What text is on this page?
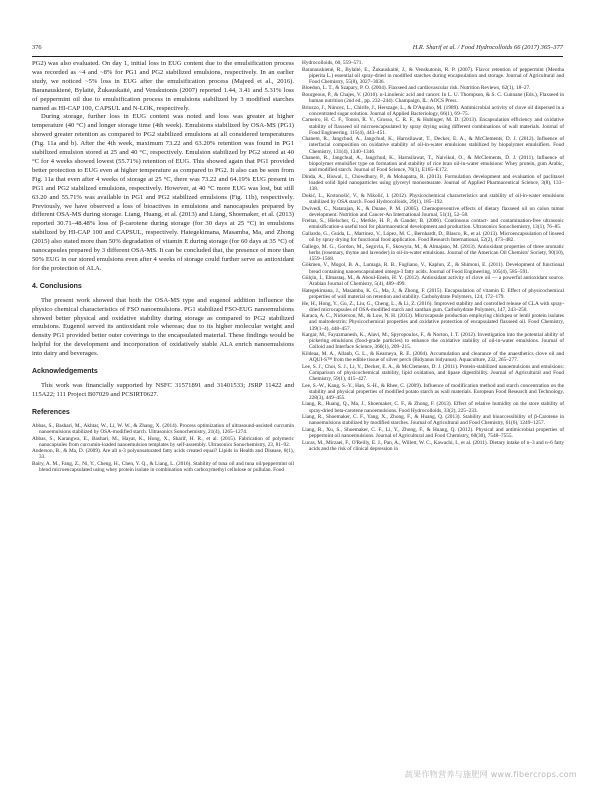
376	H.R. Sharif et al. / Food Hydrocolloids 66 (2017) 365–377

PG2) was also evaluated. On day 1, initial loss in EUG content due to the emulsification process was recorded as ~4 and ~8% for PG1 and PG2 stabilized emulsions, respectively. In an earlier study, we noticed ~5% loss in EUG after the emulsification process (Majeed et al., 2016). Baranauskienė, Bylaitė, Žukauskaitė, and Venskutonis (2007) reported 1.44, 3.41 and 5.31% loss of peppermint oil due to emulsification process in emulsions stabilized by 3 modified starches named as HI-CAP 100, CAPSUL and N-LOK, respectively.

During storage, further loss in EUG content was noted and loss was greater at higher temperature (40 °C) and longer storage time (4th week). Emulsions stabilized by OSA-MS (PG1) showed greater retention as compared to PG2 stabilized emulsions at all considered temperatures (Fig. 11a and b). After the 4th week, maximum 73.22 and 63.20% retention was found in PG1 stabilized emulsion stored at 25 and 40 °C, respectively. Emulsion stabilized by PG2 stored at 40 °C for 4 weeks showed lowest (55.71%) retention of EUG. This showed again that PG1 provided better protection to EUG even at higher temperature as compared to PG2. It also can be seen from Fig. 11a that even after 4 weeks of storage at 25 °C, there was 73.22 and 64.19% EUG present in PG1 and PG2 stabilized emulsions, respectively. However, at 40 °C more EUG was lost, but still 63.20 and 55.71% was available in PG1 and PG2 stabilized emulsions (Fig. 11b), respectively. Previously, we have observed a loss of bioactives in emulsions and nanocapsules prepared by different OSA-MS during storage. Liang, Huang, et al. (2013) and Liang, Shoemaker, et al. (2013) reported 30.71–48.48% loss of β-carotene during storage (for 30 days at 25 °C) in emulsions stabilized by HI-CAP 100 and CAPSUL, respectively. Hategekimana, Masamba, Ma, and Zhong (2015) also stated more than 50% degradation of vitamin E during storage (for 60 days at 35 °C) of nanocapsules prepared by 3 different OSA-MS. It can be concluded that, the presence of more than 50% EUG in our stored emulsions even after 4 weeks of storage could further serve as antioxidant for the protection of ALA.

4. Conclusions

The present work showed that both the OSA-MS type and eugenol addition influence the physico chemical characteristics of FSO nanoemulsions. PG1 stabilized FSO-EUG nanoemulsions showed better physical and oxidative stability during storage as compared to PG2 stabilized emulsions. Eugenol served its antioxidant role whereas; due to its higher molecular weight and density PG1 provided better outer coverings to the encapsulated material. These findings would be helpful for the development and incorporation of oxidatively stable ALA enrich nanoemulsions into dairy and beverages.

Acknowledgements

This work was financially supported by NSFC 31571891 and 31401533; JSRP 11422 and 115A22; 111 Project B07029 and PCSIRT0627.

References

Abbas, S., Bashari, M., Akhtar, W., Li, W. W., & Zhang, X. (2014). Process optimization of ultrasound-assisted curcumin nanoemulsions stabilized by OSA-modified starch. Ultrasonics Sonochemistry, 21(4), 1265–1274.

Abbas, S., Karangwa, E., Bashari, M., Hayat, K., Hong, X., Sharif, H. R., et al. (2015). Fabrication of polymeric nanocapsules from curcumin-loaded nanoemulsion templates by self-assembly. Ultrasonics Sonochemistry, 23, 81–92.

Anderson, B., & Ma, D. (2009). Are all n-3 polyunsaturated fatty acids created equal? Lipids in Health and Disease, 8(1), 33.

Bairy, A. M., Fang, Z., Ni, Y., Cheng, H., Chen, Y. Q., & Liang, L. (2016). Stability of tuna oil and tuna oil/peppermint oil blend microencapsulated using whey protein isolate in combination with carboxymethyl cellulose or pullulan. Food

Hydrocolloids, 60, 559–571.

Baranauskienė, R., Bylaitė, E., Žukauskaitė, J., & Venskutonis, R. P. (2007). Flavor retention of peppermint (Mentha piperita L.) essential oil spray-dried in modified starches during encapsulation and storage. Journal of Agricultural and Food Chemistry, 55(8), 3027–3036.

Bloedon, L. T., & Szapary, P. O. (2004). Flaxseed and cardiovascular risk. Nutrition Reviews, 62(1), 18–27.

Bourgeous, P., & Chajes, V. (2010). α-Linolenic acid and cancer. In L. U. Thompson, & S. C. Cunnane (Eds.), Flaxseed in human nutrition (2nd ed., pp. 232–244). Champaign, IL: AOCS Press.

Briozzo, J., Núncez, L., Chirife, J., Herszage, L., & D'Aquino, M. (1989). Antimicrobial activity of clove oil dispersed in a concentrated sugar solution. Journal of Applied Bacteriology, 66(1), 69–75.

Carneiro, H. C. F., Tonon, R. V., Grosso, C. R. F., & Hubinger, M. D. (2013). Encapsulation efficiency and oxidative stability of flaxseed oil microencapsulated by spray drying using different combinations of wall materials. Journal of Food Engineering, 115(4), 443–451.

Chanem, R., Jangchud, A., Jangchud, K., Harnsilawat, T., Decker, E. A., & McClements, D. J. (2012). Influence of interfacial composition on oxidative stability of oil-in-water emulsions stabilized by biopolymer emulsifiers. Food Chemistry, 131(4), 1340–1346.

Chanem, R., Jangchud, A., Jangchud, K., Harnsilawat, T., Naivikul, O., & McClements, D. J. (2011). Influence of biopolymer emulsifier type on formation and stability of rice bran oil-in-water emulsions: Whey protein, gum Arabic, and modified starch. Journal of Food Science, 76(1), E165–E172.

Dinda, A., Biswal, I., Chowdhury, P., & Mohapatra, R. (2013). Formulation development and evaluation of paclitaxel loaded solid lipid nanoparticles using glyceryl monostearate. Journal of Applied Pharmaceutical Science, 3(8), 133–138.

Dokić, L., Krstonošić, V., & Nikolić, I. (2012). Physicochemical characteristics and stability of oil-in-water emulsions stabilized by OSA starch. Food Hydrocolloids, 29(1), 185–192.

Dwivedi, C., Natarajan, K., & Duane, P. M. (2005). Chemopreventive effects of dietary flaxseed oil on colon tumor development. Nutrition and Cancer-An International Journal, 51(1), 52–58.

Freitas, S., Hielscher, G., Merkle, H. P., & Gander, B. (2006). Continuous contact- and contamination-free ultrasonic emulsification-a useful tool for pharmaceutical development and production. Ultrasonics Sonochemistry, 13(1), 76–85.

Gallardo, G., Guida, L., Martinez, V., López, M. C., Bernhardt, D., Blasco, R., et al. (2013). Microencapsulation of linseed oil by spray drying for functional food application. Food Research International, 52(2), 473–482.

Gallego, M. G., Gordon, M., Segovia, F., Skowyra, M., & Almajano, M. (2013). Antioxidant properties of three aromatic herbs (rosemary, thyme and lavender) in oil-in-water emulsions. Journal of the American Oil Chemists' Society, 90(10), 1559–1568.

Gökmen, V., Mogol, B. A., Lumaga, R. B., Fogliano, V., Kaplun, Z., & Shimoni, E. (2011). Development of functional bread containing nanoencapsulated omega-3 fatty acids. Journal of Food Engineering, 105(4), 585–591.

Gülçin, İ., Elmastaş, M., & Aboul-Enein, H. Y. (2012). Antioxidant activity of clove oil — a powerful antioxidant source. Arabian Journal of Chemistry, 5(4), 489–499.

Hategekimana, J., Masamba, K. G., Ma, J., & Zhong, F. (2015). Encapsulation of vitamin E: Effect of physicochemical properties of wall material on retention and stability. Carbohydrate Polymers, 124, 172–179.

He, H., Hong, Y., Gu, Z., Liu, G., Cheng, L., & Li, Z. (2016). Improved stability and controlled release of CLA with spray-dried microcapsules of OSA-modified starch and xanthan gum. Carbohydrate Polymers, 147, 243–250.

Karaca, A. C., Nickerson, M., & Low, N. H. (2013). Microcapsule production employing chickpea or lentil protein isolates and maltodextrin: Physicochemical properties and oxidative protection of encapsulated flaxseed oil. Food Chemistry, 139(1–4), 448–457.

Kargar, M., Fayazmanesh, K., Alavi, M., Spyropoulos, F., & Norton, I. T. (2012). Investigation into the potential ability of pickering emulsions (food-grade particles) to enhance the oxidative stability of oil-in-water emulsions. Journal of Colloid and Interface Science, 366(1), 209–215.

Kildeaa, M. A., Allanb, G. L., & Kearneya, R. E. (2004). Accumulation and clearance of the anaesthetics clove oil and AQUI-S™ from the edible tissue of silver perch (Bidyanus bidyanus). Aquaculture, 232, 265–277.

Lee, S. J., Choi, S. J., Li, Y., Decker, E. A., & McClements, D. J. (2011). Protein-stabilized nanoemulsions and emulsions: Comparison of physicochemical stability, lipid oxidation, and lipase digestibility. Journal of Agricultural and Food Chemistry, 59(1), 415–427.

Lee, S.-W., Kang, S.-Y., Han, S.-H., & Rhee, C. (2009). Influence of modification method and starch concentration on the stability and physical properties of modified potato starch as wall materials. European Food Research and Technology, 228(3), 449–455.

Liang, R., Huang, Q., Ma, J., Shoemaker, C. F., & Zhong, F. (2013). Effect of relative humidity on the store stability of spray-dried beta-carotene nanoemulsions. Food Hydrocolloids, 33(2), 225–233.

Liang, R., Shoemaker, C. F., Yang, X., Zhong, F., & Huang, Q. (2013). Stability and bioaccessibility of β-Carotene in nanoemulsions stabilized by modified starches. Journal of Agricultural and Food Chemistry, 61(6), 1249–1257.

Liang, R., Xu, S., Shoemaker, C. F., Li, Y., Zhong, F., & Huang, Q. (2012). Physical and antimicrobial properties of peppermint oil nanoemulsions. Journal of Agricultural and Food Chemistry, 60(30), 7548–7555.

Lucas, M., Mirzaei, F., O'Reilly, E. J., Pan, A., Willett, W. C., Kawachi, I., et al. (2011). Dietary intake of n–3 and n–6 fatty acids and the risk of clinical depression in

蔬果作物营养与施肥网 www.fibercrops.com
